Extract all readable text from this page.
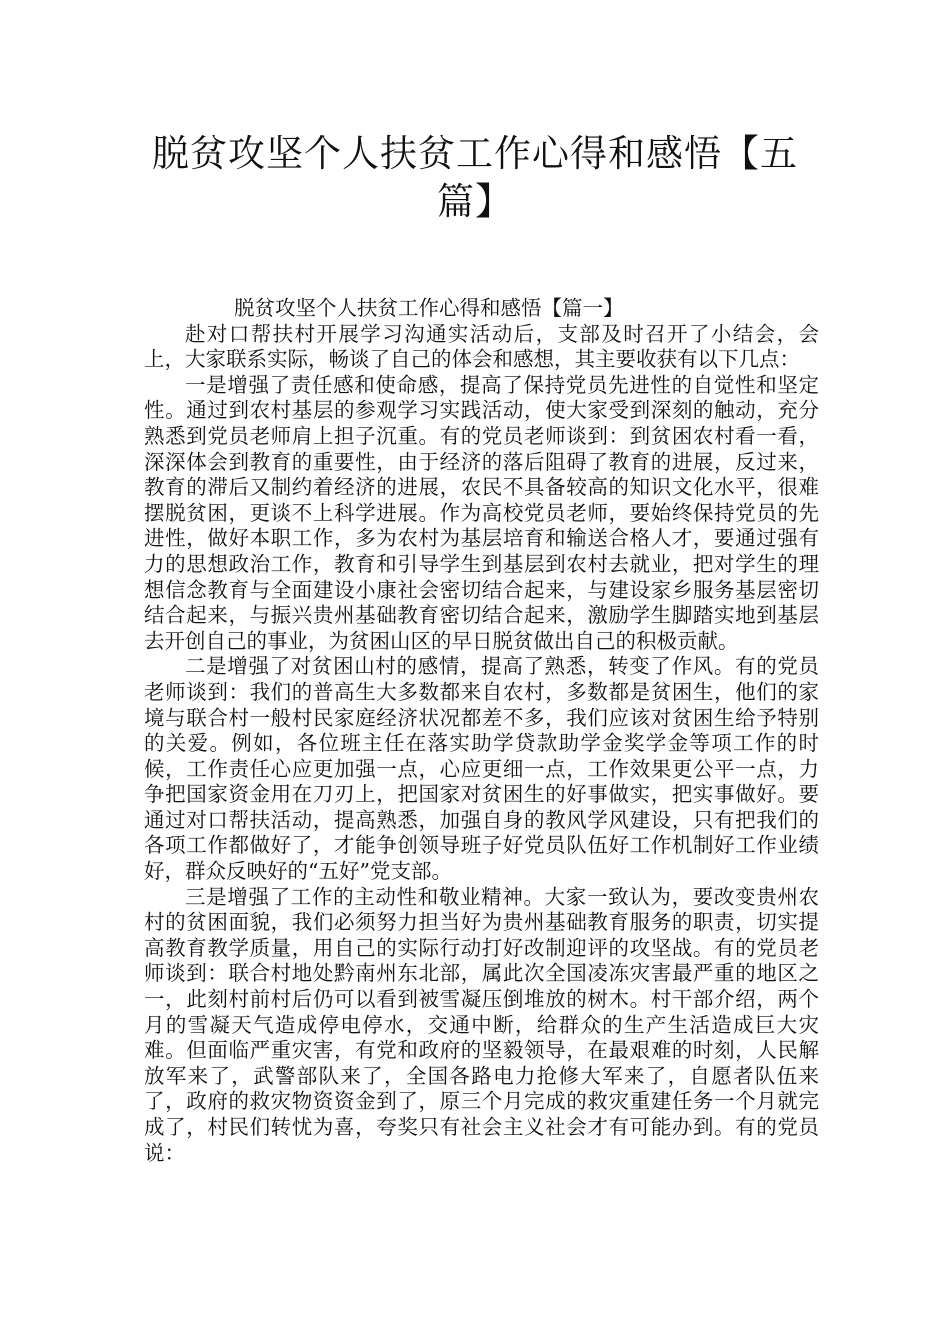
脱贫攻坚个人扶贫工作心得和感悟【五篇】
脱贫攻坚个人扶贫工作心得和感悟【篇一】

赴对口帮扶村开展学习沟通实活动后，支部及时召开了小结会，会上，大家联系实际，畅谈了自己的体会和感想，其主要收获有以下几点：

一是增强了责任感和使命感，提高了保持党员先进性的自觉性和坚定性。通过到农村基层的参观学习实践活动，使大家受到深刻的触动，充分熟悉到党员老师肩上担子沉重。有的党员老师谈到：到贫困农村看一看，深深体会到教育的重要性，由于经济的落后阻碍了教育的进展，反过来，教育的滞后又制约着经济的进展，农民不具备较高的知识文化水平，很难摆脱贫困，更谈不上科学进展。作为高校党员老师，要始终保持党员的先进性，做好本职工作，多为农村为基层培育和输送合格人才，要通过强有力的思想政治工作，教育和引导学生到基层到农村去就业，把对学生的理想信念教育与全面建设小康社会密切结合起来，与建设家乡服务基层密切结合起来，与振兴贵州基础教育密切结合起来，激励学生脚踏实地到基层去开创自己的事业，为贫困山区的早日脱贫做出自己的积极贡献。

二是增强了对贫困山村的感情，提高了熟悉，转变了作风。有的党员老师谈到：我们的普高生大多数都来自农村，多数都是贫困生，他们的家境与联合村一般村民家庭经济状况都差不多，我们应该对贫困生给予特别的关爱。例如，各位班主任在落实助学贷款助学金奖学金等项工作的时候，工作责任心应更加强一点，心应更细一点，工作效果更公平一点，力争把国家资金用在刀刃上，把国家对贫困生的好事做实，把实事做好。要通过对口帮扶活动，提高熟悉，加强自身的教风学风建设，只有把我们的各项工作都做好了，才能争创领导班子好党员队伍好工作机制好工作业绩好，群众反映好的“五好”党支部。

三是增强了工作的主动性和敬业精神。大家一致认为，要改变贵州农村的贫困面貌，我们必须努力担当好为贵州基础教育服务的职责，切实提高教育教学质量，用自己的实际行动打好改制迎评的攻坚战。有的党员老师谈到：联合村地处黔南州东北部，属此次全国凌冻灾害最严重的地区之一，此刻村前村后仍可以看到被雪凝压倒堆放的树木。村干部介绍，两个月的雪凝天气造成停电停水，交通中断，给群众的生产生活造成巨大灾难。但面临严重灾害，有党和政府的坚毅领导，在最艰难的时刻，人民解放军来了，武警部队来了，全国各路电力抢修大军来了，自愿者队伍来了，政府的救灾物资资金到了，原三个月完成的救灾重建任务一个月就完成了，村民们转忧为喜，夸奖只有社会主义社会才有可能办到。有的党员说：
